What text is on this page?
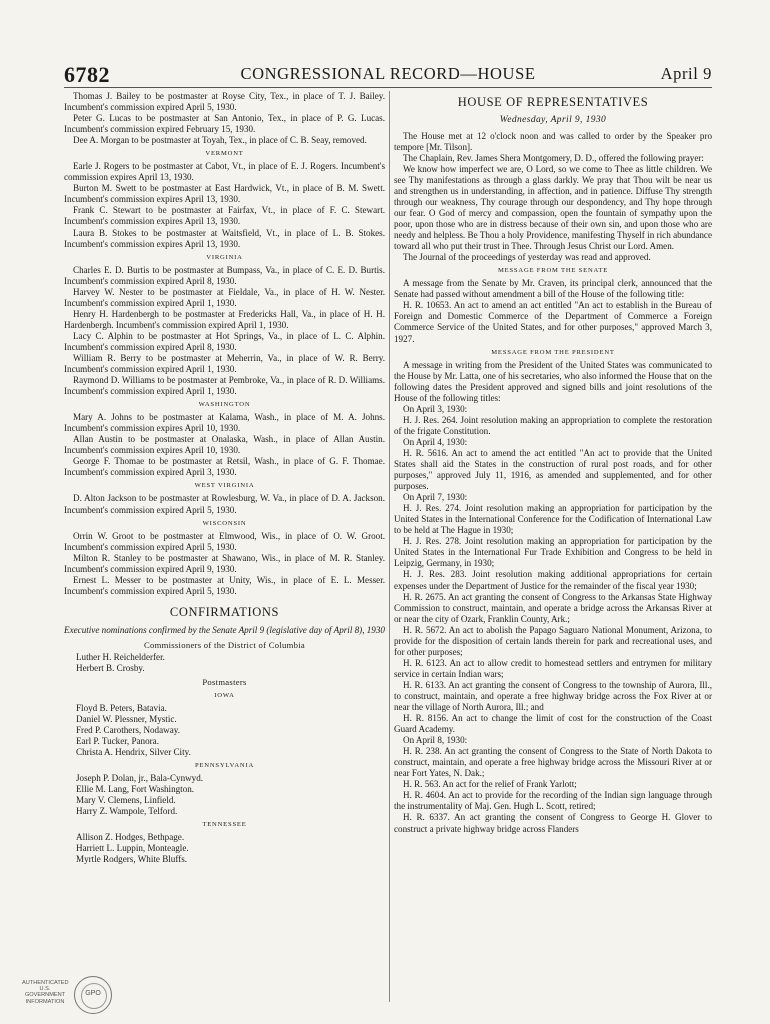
6782	CONGRESSIONAL RECORD—HOUSE	April 9

Thomas J. Bailey to be postmaster at Royse City, Tex., in place of T. J. Bailey. Incumbent's commission expired April 5, 1930.

Peter G. Lucas to be postmaster at San Antonio, Tex., in place of P. G. Lucas. Incumbent's commission expired February 15, 1930.

Dee A. Morgan to be postmaster at Toyah, Tex., in place of C. B. Seay, removed.

VERMONT

Earle J. Rogers to be postmaster at Cabot, Vt., in place of E. J. Rogers. Incumbent's commission expires April 13, 1930.

Burton M. Swett to be postmaster at East Hardwick, Vt., in place of B. M. Swett. Incumbent's commission expires April 13, 1930.

Frank C. Stewart to be postmaster at Fairfax, Vt., in place of F. C. Stewart. Incumbent's commission expires April 13, 1930.

Laura B. Stokes to be postmaster at Waitsfield, Vt., in place of L. B. Stokes. Incumbent's commission expires April 13, 1930.

VIRGINIA

Charles E. D. Burtis to be postmaster at Bumpass, Va., in place of C. E. D. Burtis. Incumbent's commission expired April 8, 1930.

Harvey W. Nester to be postmaster at Fieldale, Va., in place of H. W. Nester. Incumbent's commission expired April 1, 1930.

Henry H. Hardenbergh to be postmaster at Fredericks Hall, Va., in place of H. H. Hardenbergh. Incumbent's commission expired April 1, 1930.

Lacy C. Alphin to be postmaster at Hot Springs, Va., in place of L. C. Alphin. Incumbent's commission expired April 8, 1930.

William R. Berry to be postmaster at Meherrin, Va., in place of W. R. Berry. Incumbent's commission expired April 1, 1930.

Raymond D. Williams to be postmaster at Pembroke, Va., in place of R. D. Williams. Incumbent's commission expired April 1, 1930.

WASHINGTON

Mary A. Johns to be postmaster at Kalama, Wash., in place of M. A. Johns. Incumbent's commission expires April 10, 1930.

Allan Austin to be postmaster at Onalaska, Wash., in place of Allan Austin. Incumbent's commission expires April 10, 1930.

George F. Thomae to be postmaster at Retsil, Wash., in place of G. F. Thomae. Incumbent's commission expired April 3, 1930.

WEST VIRGINIA

D. Alton Jackson to be postmaster at Rowlesburg, W. Va., in place of D. A. Jackson. Incumbent's commission expired April 5, 1930.

WISCONSIN

Orrin W. Groot to be postmaster at Elmwood, Wis., in place of O. W. Groot. Incumbent's commission expired April 5, 1930.

Milton R. Stanley to be postmaster at Shawano, Wis., in place of M. R. Stanley. Incumbent's commission expired April 9, 1930.

Ernest L. Messer to be postmaster at Unity, Wis., in place of E. L. Messer. Incumbent's commission expired April 5, 1930.

CONFIRMATIONS
Executive nominations confirmed by the Senate April 9 (legislative day of April 8), 1930
Commissioners of the District of Columbia
Luther H. Reichelderfer.
Herbert B. Crosby.
Postmasters
IOWA
Floyd B. Peters, Batavia.
Daniel W. Plessner, Mystic.
Fred P. Carothers, Nodaway.
Earl P. Tucker, Panora.
Christa A. Hendrix, Silver City.
PENNSYLVANIA
Joseph P. Dolan, jr., Bala-Cynwyd.
Ellie M. Lang, Fort Washington.
Mary V. Clemens, Linfield.
Harry Z. Wampole, Telford.
TENNESSEE
Allison Z. Hodges, Bethpage.
Harriett L. Luppin, Monteagle.
Myrtle Rodgers, White Bluffs.
HOUSE OF REPRESENTATIVES
Wednesday, April 9, 1930

The House met at 12 o'clock noon and was called to order by the Speaker pro tempore [Mr. Tilson].

The Chaplain, Rev. James Shera Montgomery, D. D., offered the following prayer:

We know how imperfect we are, O Lord, so we come to Thee as little children. We see Thy manifestations as through a glass darkly. We pray that Thou wilt be near us and strengthen us in understanding, in affection, and in patience. Diffuse Thy strength through our weakness, Thy courage through our despondency, and Thy hope through our fear. O God of mercy and compassion, open the fountain of sympathy upon the poor, upon those who are in distress because of their own sin, and upon those who are needy and helpless. Be Thou a holy Providence, manifesting Thyself in rich abundance toward all who put their trust in Thee. Through Jesus Christ our Lord. Amen.

The Journal of the proceedings of yesterday was read and approved.

MESSAGE FROM THE SENATE

A message from the Senate by Mr. Craven, its principal clerk, announced that the Senate had passed without amendment a bill of the House of the following title:

H. R. 10653. An act to amend an act entitled "An act to establish in the Bureau of Foreign and Domestic Commerce of the Department of Commerce a Foreign Commerce Service of the United States, and for other purposes," approved March 3, 1927.

MESSAGE FROM THE PRESIDENT

A message in writing from the President of the United States was communicated to the House by Mr. Latta, one of his secretaries, who also informed the House that on the following dates the President approved and signed bills and joint resolutions of the House of the following titles:

On April 3, 1930:

H. J. Res. 264. Joint resolution making an appropriation to complete the restoration of the frigate Constitution.

On April 4, 1930:

H. R. 5616. An act to amend the act entitled "An act to provide that the United States shall aid the States in the construction of rural post roads, and for other purposes," approved July 11, 1916, as amended and supplemented, and for other purposes.

On April 7, 1930:

H. J. Res. 274. Joint resolution making an appropriation for participation by the United States in the International Conference for the Codification of International Law to be held at The Hague in 1930;

H. J. Res. 278. Joint resolution making an appropriation for participation by the United States in the International Fur Trade Exhibition and Congress to be held in Leipzig, Germany, in 1930;

H. J. Res. 283. Joint resolution making additional appropriations for certain expenses under the Department of Justice for the remainder of the fiscal year 1930;

H. R. 2675. An act granting the consent of Congress to the Arkansas State Highway Commission to construct, maintain, and operate a bridge across the Arkansas River at or near the city of Ozark, Franklin County, Ark.;

H. R. 5672. An act to abolish the Papago Saguaro National Monument, Arizona, to provide for the disposition of certain lands therein for park and recreational uses, and for other purposes;

H. R. 6123. An act to allow credit to homestead settlers and entrymen for military service in certain Indian wars;

H. R. 6133. An act granting the consent of Congress to the township of Aurora, Ill., to construct, maintain, and operate a free highway bridge across the Fox River at or near the village of North Aurora, Ill.; and

H. R. 8156. An act to change the limit of cost for the construction of the Coast Guard Academy.

On April 8, 1930:

H. R. 238. An act granting the consent of Congress to the State of North Dakota to construct, maintain, and operate a free highway bridge across the Missouri River at or near Fort Yates, N. Dak.;

H. R. 563. An act for the relief of Frank Yarlott;

H. R. 4604. An act to provide for the recording of the Indian sign language through the instrumentality of Maj. Gen. Hugh L. Scott, retired;

H. R. 6337. An act granting the consent of Congress to George H. Glover to construct a private highway bridge across Flanders

AUTHENTICATED U.S. GOVERNMENT INFORMATION
GPO
